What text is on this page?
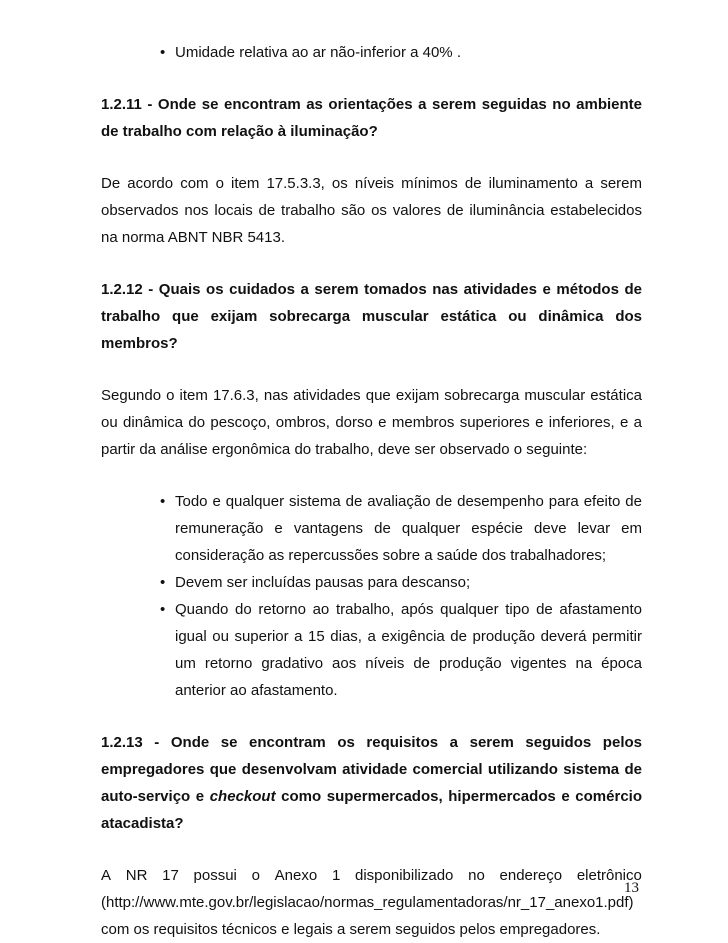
• Umidade relativa ao ar não-inferior a 40% .
1.2.11 - Onde se encontram as orientações a serem seguidas no ambiente de trabalho com relação à iluminação?
De acordo com o item 17.5.3.3, os níveis mínimos de iluminamento a serem observados nos locais de trabalho são os valores de iluminância estabelecidos na norma ABNT NBR 5413.
1.2.12 - Quais os cuidados a serem tomados nas atividades e métodos de trabalho que exijam sobrecarga muscular estática ou dinâmica dos membros?
Segundo o item 17.6.3, nas atividades que exijam sobrecarga muscular estática ou dinâmica do pescoço, ombros, dorso e membros superiores e inferiores, e a partir da análise ergonômica do trabalho, deve ser observado o seguinte:
• Todo e qualquer sistema de avaliação de desempenho para efeito de remuneração e vantagens de qualquer espécie deve levar em consideração as repercussões sobre a saúde dos trabalhadores;
• Devem ser incluídas pausas para descanso;
• Quando do retorno ao trabalho, após qualquer tipo de afastamento igual ou superior a 15 dias, a exigência de produção deverá permitir um retorno gradativo aos níveis de produção vigentes na época anterior ao afastamento.
1.2.13 - Onde se encontram os requisitos a serem seguidos pelos empregadores que desenvolvam atividade comercial utilizando sistema de auto-serviço e checkout como supermercados, hipermercados e comércio atacadista?
A NR 17 possui o Anexo 1 disponibilizado no endereço eletrônico
(http://www.mte.gov.br/legislacao/normas_regulamentadoras/nr_17_anexo1.pdf)
com os requisitos técnicos e legais a serem seguidos pelos empregadores.
13
